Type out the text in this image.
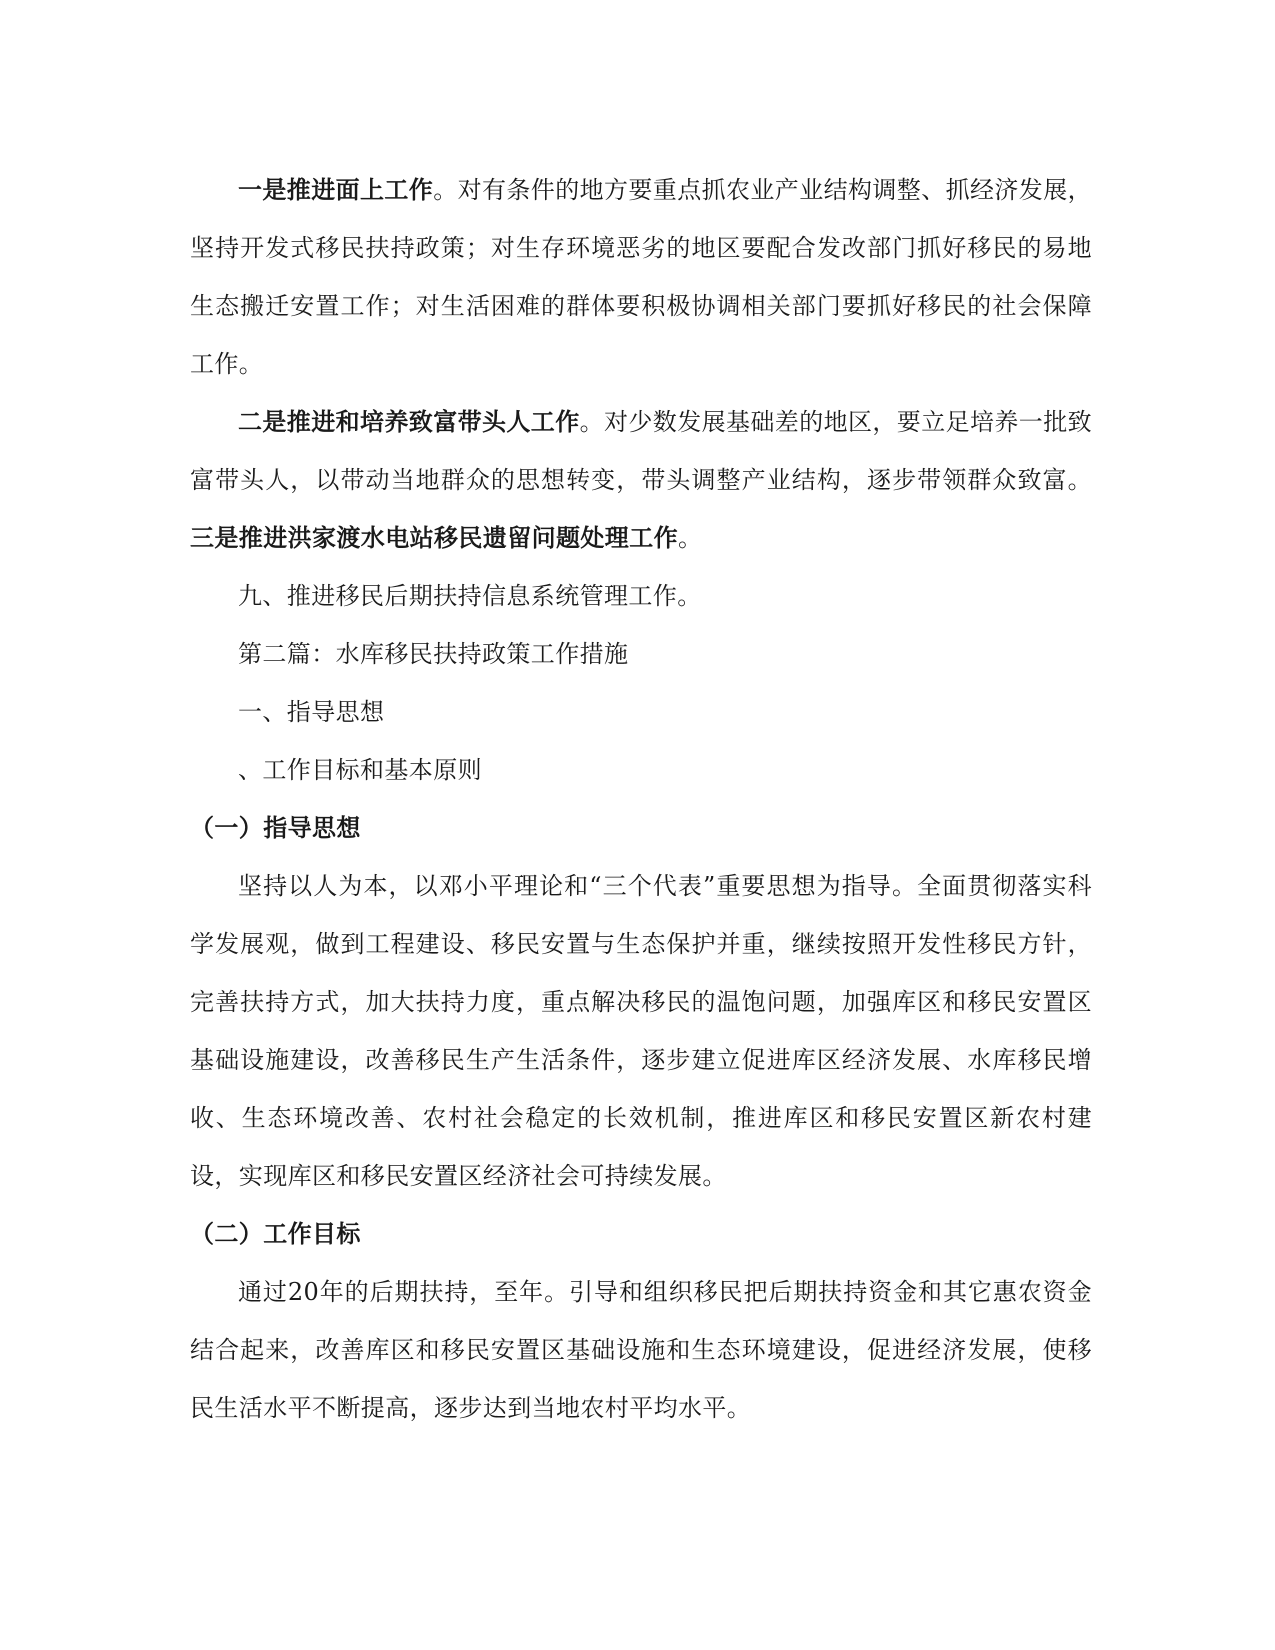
一是推进面上工作。对有条件的地方要重点抓农业产业结构调整、抓经济发展，坚持开发式移民扶持政策；对生存环境恶劣的地区要配合发改部门抓好移民的易地生态搬迁安置工作；对生活困难的群体要积极协调相关部门要抓好移民的社会保障工作。

二是推进和培养致富带头人工作。对少数发展基础差的地区，要立足培养一批致富带头人，以带动当地群众的思想转变，带头调整产业结构，逐步带领群众致富。三是推进洪家渡水电站移民遗留问题处理工作。

九、推进移民后期扶持信息系统管理工作。

第二篇：水库移民扶持政策工作措施

一、指导思想

、工作目标和基本原则

（一）指导思想

坚持以人为本，以邓小平理论和“三个代表”重要思想为指导。全面贯彻落实科学发展观，做到工程建设、移民安置与生态保护并重，继续按照开发性移民方针，完善扶持方式，加大扶持力度，重点解决移民的温饱问题，加强库区和移民安置区基础设施建设，改善移民生产生活条件，逐步建立促进库区经济发展、水库移民增收、生态环境改善、农村社会稳定的长效机制，推进库区和移民安置区新农村建设，实现库区和移民安置区经济社会可持续发展。

（二）工作目标

通过20年的后期扶持，至年。引导和组织移民把后期扶持资金和其它惠农资金结合起来，改善库区和移民安置区基础设施和生态环境建设，促进经济发展，使移民生活水平不断提高，逐步达到当地农村平均水平。
